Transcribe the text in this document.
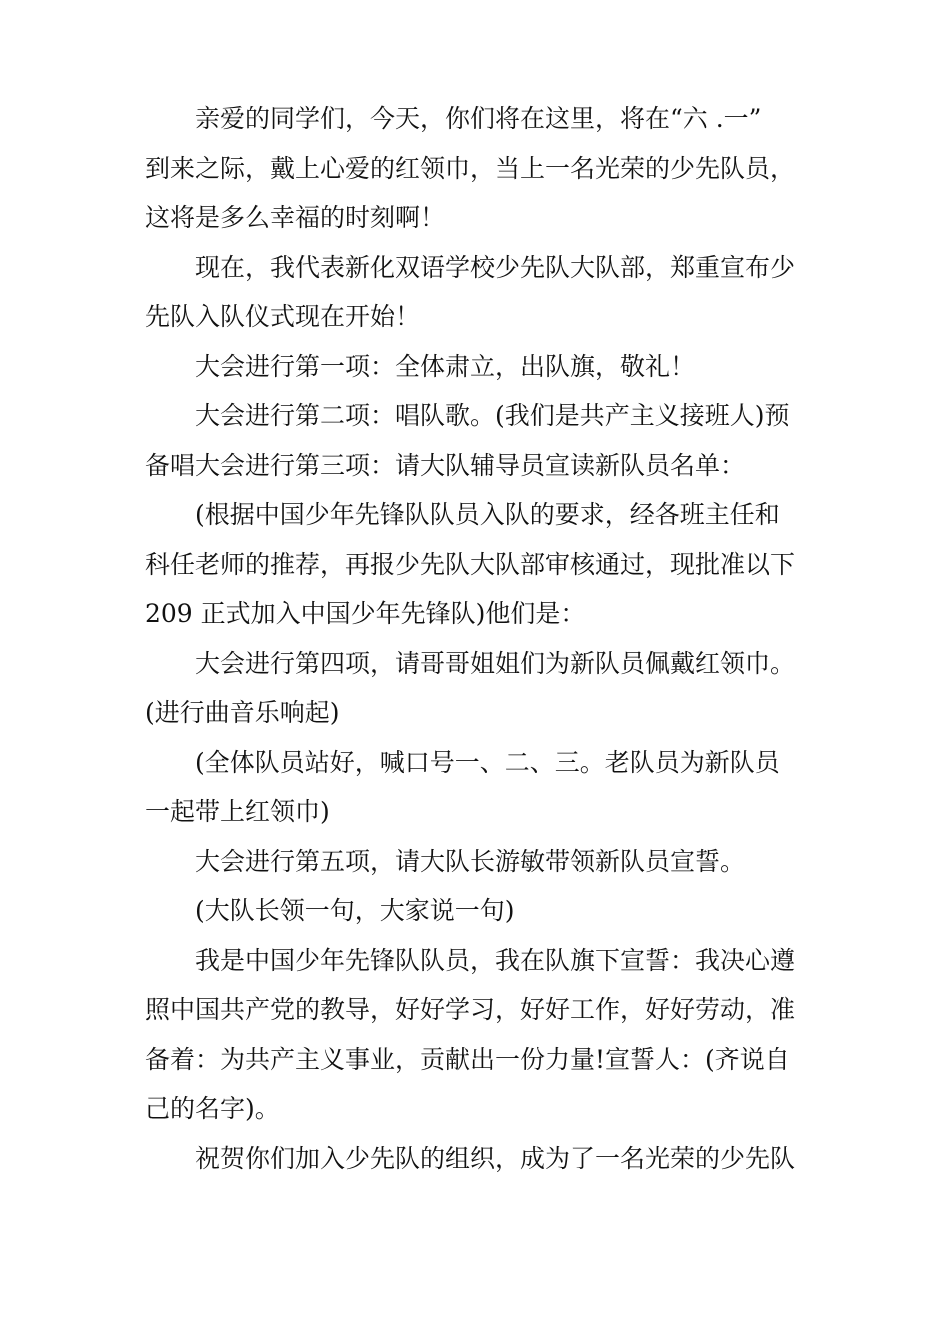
亲爱的同学们，今天，你们将在这里，将在“六 .一”
到来之际，戴上心爱的红领巾，当上一名光荣的少先队员，
这将是多么幸福的时刻啊！
现在，我代表新化双语学校少先队大队部，郑重宣布少
先队入队仪式现在开始！
大会进行第一项：全体肃立，出队旗，敬礼！
大会进行第二项：唱队歌。(我们是共产主义接班人)预
备唱大会进行第三项：请大队辅导员宣读新队员名单：
(根据中国少年先锋队队员入队的要求，经各班主任和
科任老师的推荐，再报少先队大队部审核通过，现批准以下
209 正式加入中国少年先锋队)他们是：
大会进行第四项，请哥哥姐姐们为新队员佩戴红领巾。
(进行曲音乐响起)
(全体队员站好，喊口号一、二、三。老队员为新队员
一起带上红领巾)
大会进行第五项，请大队长游敏带领新队员宣誓。
(大队长领一句，大家说一句)
我是中国少年先锋队队员，我在队旗下宣誓：我决心遵
照中国共产党的教导，好好学习，好好工作，好好劳动，准
备着：为共产主义事业，贡献出一份力量!宣誓人：(齐说自
己的名字)。
祝贺你们加入少先队的组织，成为了一名光荣的少先队
